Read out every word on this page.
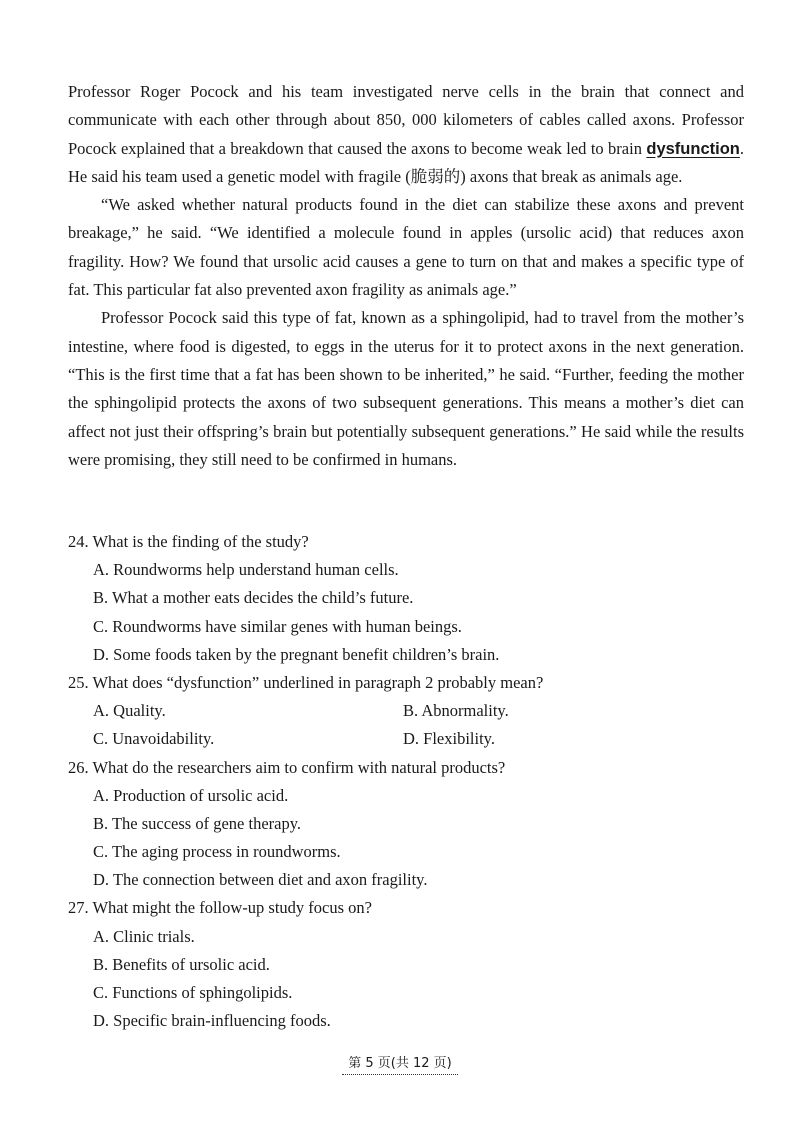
Professor Roger Pocock and his team investigated nerve cells in the brain that connect and communicate with each other through about 850, 000 kilometers of cables called axons. Professor Pocock explained that a breakdown that caused the axons to become weak led to brain dysfunction. He said his team used a genetic model with fragile (脆弱的) axons that break as animals age.

“We asked whether natural products found in the diet can stabilize these axons and prevent breakage,” he said. “We identified a molecule found in apples (ursolic acid) that reduces axon fragility. How? We found that ursolic acid causes a gene to turn on that and makes a specific type of fat. This particular fat also prevented axon fragility as animals age.”

Professor Pocock said this type of fat, known as a sphingolipid, had to travel from the mother’s intestine, where food is digested, to eggs in the uterus for it to protect axons in the next generation. “This is the first time that a fat has been shown to be inherited,” he said. “Further, feeding the mother the sphingolipid protects the axons of two subsequent generations. This means a mother’s diet can affect not just their offspring’s brain but potentially subsequent generations.” He said while the results were promising, they still need to be confirmed in humans.

24. What is the finding of the study?

A. Roundworms help understand human cells.
B. What a mother eats decides the child’s future.
C. Roundworms have similar genes with human beings.
D. Some foods taken by the pregnant benefit children’s brain.

25. What does “dysfunction” underlined in paragraph 2 probably mean?

A. Quality.	B. Abnormality.
C. Unavoidability.	D. Flexibility.

26. What do the researchers aim to confirm with natural products?

A. Production of ursolic acid.
B. The success of gene therapy.
C. The aging process in roundworms.
D. The connection between diet and axon fragility.

27. What might the follow-up study focus on?

A. Clinic trials.
B. Benefits of ursolic acid.
C. Functions of sphingolipids.
D. Specific brain-influencing foods.
第 5 页(共 12 页)
